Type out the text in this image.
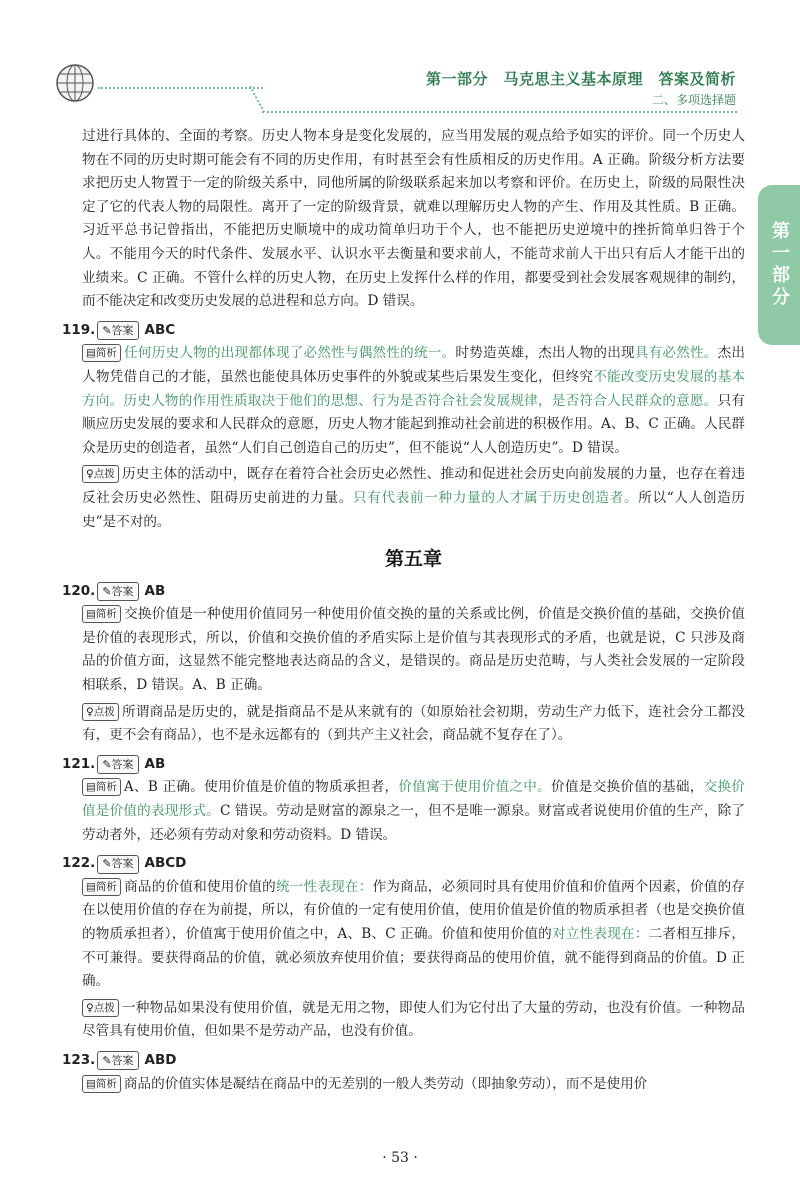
第一部分　马克思主义基本原理　答案及简析
二、多项选择题
第一部分

过进行具体的、全面的考察。历史人物本身是变化发展的，应当用发展的观点给予如实的评价。同一个历史人物在不同的历史时期可能会有不同的历史作用，有时甚至会有性质相反的历史作用。A 正确。阶级分析方法要求把历史人物置于一定的阶级关系中，同他所属的阶级联系起来加以考察和评价。在历史上，阶级的局限性决定了它的代表人物的局限性。离开了一定的阶级背景，就难以理解历史人物的产生、作用及其性质。B 正确。习近平总书记曾指出，不能把历史顺境中的成功简单归功于个人，也不能把历史逆境中的挫折简单归咎于个人。不能用今天的时代条件、发展水平、认识水平去衡量和要求前人，不能苛求前人干出只有后人才能干出的业绩来。C 正确。不管什么样的历史人物，在历史上发挥什么样的作用，都要受到社会发展客观规律的制约，而不能决定和改变历史发展的总进程和总方向。D 错误。

119. ✎ 答案 ABC

▤ 简析 任何历史人物的出现都体现了必然性与偶然性的统一。时势造英雄，杰出人物的出现具有必然性。杰出人物凭借自己的才能，虽然也能使具体历史事件的外貌或某些后果发生变化，但终究不能改变历史发展的基本方向。历史人物的作用性质取决于他们的思想、行为是否符合社会发展规律，是否符合人民群众的意愿。只有顺应历史发展的要求和人民群众的意愿，历史人物才能起到推动社会前进的积极作用。A、B、C 正确。人民群众是历史的创造者，虽然“人们自己创造自己的历史”，但不能说“人人创造历史”。D 错误。

♀ 点拨 历史主体的活动中，既存在着符合社会历史必然性、推动和促进社会历史向前发展的力量，也存在着违反社会历史必然性、阻碍历史前进的力量。只有代表前一种力量的人才属于历史创造者。所以“人人创造历史”是不对的。

第五章
120. ✎ 答案 AB

▤ 简析 交换价值是一种使用价值同另一种使用价值交换的量的关系或比例，价值是交换价值的基础，交换价值是价值的表现形式，所以，价值和交换价值的矛盾实际上是价值与其表现形式的矛盾，也就是说，C 只涉及商品的价值方面，这显然不能完整地表达商品的含义，是错误的。商品是历史范畴，与人类社会发展的一定阶段相联系，D 错误。A、B 正确。

♀ 点拨 所谓商品是历史的，就是指商品不是从来就有的（如原始社会初期，劳动生产力低下，连社会分工都没有，更不会有商品），也不是永远都有的（到共产主义社会，商品就不复存在了）。

121. ✎ 答案 AB

▤ 简析 A、B 正确。使用价值是价值的物质承担者，价值寓于使用价值之中。价值是交换价值的基础，交换价值是价值的表现形式。C 错误。劳动是财富的源泉之一，但不是唯一源泉。财富或者说使用价值的生产，除了劳动者外，还必须有劳动对象和劳动资料。D 错误。

122. ✎ 答案 ABCD

▤ 简析 商品的价值和使用价值的统一性表现在：作为商品，必须同时具有使用价值和价值两个因素，价值的存在以使用价值的存在为前提，所以，有价值的一定有使用价值，使用价值是价值的物质承担者（也是交换价值的物质承担者），价值寓于使用价值之中，A、B、C 正确。价值和使用价值的对立性表现在：二者相互排斥，不可兼得。要获得商品的价值，就必须放弃使用价值；要获得商品的使用价值，就不能得到商品的价值。D 正确。

♀ 点拨 一种物品如果没有使用价值，就是无用之物，即使人们为它付出了大量的劳动，也没有价值。一种物品尽管具有使用价值，但如果不是劳动产品，也没有价值。

123. ✎ 答案 ABD

▤ 简析 商品的价值实体是凝结在商品中的无差别的一般人类劳动（即抽象劳动），而不是使用价

· 53 ·
